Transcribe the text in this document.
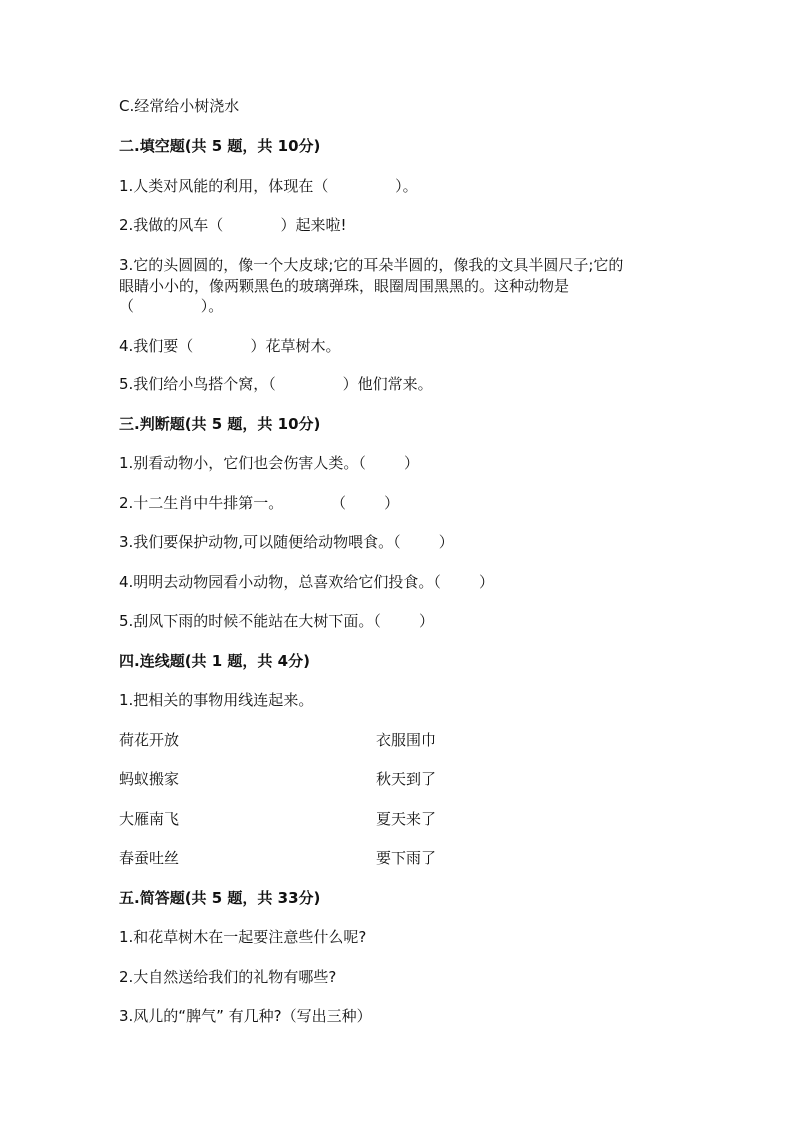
C.经常给小树浇水
二.填空题(共 5 题，共 10分)
1.人类对风能的利用，体现在（              ）。
2.我做的风车（            ）起来啦!
3.它的头圆圆的，像一个大皮球;它的耳朵半圆的，像我的文具半圆尺子;它的
眼睛小小的，像两颗黑色的玻璃弹珠，眼圈周围黑黑的。这种动物是
（              ）。
4.我们要（            ）花草树木。
5.我们给小鸟搭个窝，（              ）他们常来。
三.判断题(共 5 题，共 10分)
1.别看动物小，它们也会伤害人类。（        ）
2.十二生肖中牛排第一。          （        ）
3.我们要保护动物,可以随便给动物喂食。（        ）
4.明明去动物园看小动物，总喜欢给它们投食。（        ）
5.刮风下雨的时候不能站在大树下面。（        ）
四.连线题(共 1 题，共 4分)
1.把相关的事物用线连起来。
荷花开放	衣服围巾
蚂蚁搬家	秋天到了
大雁南飞	夏天来了
春蚕吐丝	要下雨了
五.简答题(共 5 题，共 33分)
1.和花草树木在一起要注意些什么呢?
2.大自然送给我们的礼物有哪些?
3.风儿的“脾气” 有几种?（写出三种）
